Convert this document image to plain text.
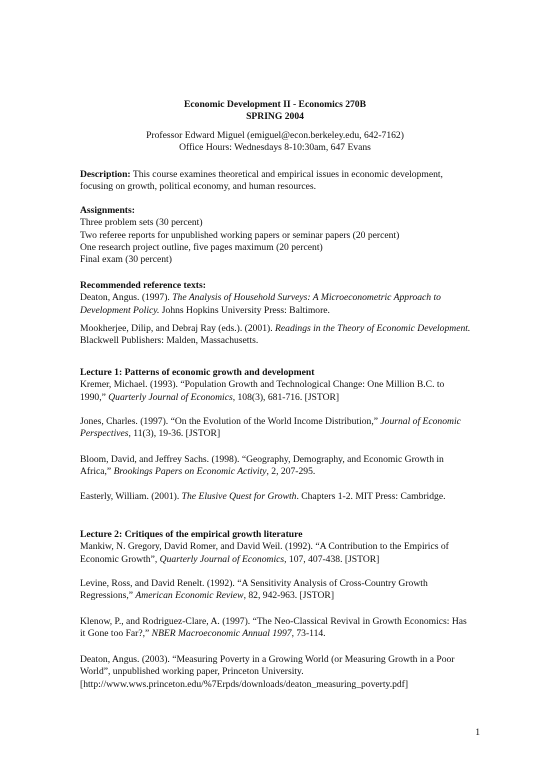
Economic Development II - Economics 270B
SPRING 2004
Professor Edward Miguel (emiguel@econ.berkeley.edu, 642-7162)
Office Hours: Wednesdays 8-10:30am, 647 Evans
Description: This course examines theoretical and empirical issues in economic development,
focusing on growth, political economy, and human resources.
Assignments:
Three problem sets (30 percent)
Two referee reports for unpublished working papers or seminar papers (20 percent)
One research project outline, five pages maximum (20 percent)
Final exam (30 percent)
Recommended reference texts:
Deaton, Angus. (1997). The Analysis of Household Surveys: A Microeconometric Approach to
Development Policy. Johns Hopkins University Press: Baltimore.
Mookherjee, Dilip, and Debraj Ray (eds.). (2001). Readings in the Theory of Economic Development.
Blackwell Publishers: Malden, Massachusetts.
Lecture 1: Patterns of economic growth and development
Kremer, Michael. (1993). “Population Growth and Technological Change: One Million B.C. to
1990,” Quarterly Journal of Economics, 108(3), 681-716. [JSTOR]
Jones, Charles. (1997). “On the Evolution of the World Income Distribution,” Journal of Economic
Perspectives, 11(3), 19-36. [JSTOR]
Bloom, David, and Jeffrey Sachs. (1998). “Geography, Demography, and Economic Growth in
Africa,” Brookings Papers on Economic Activity, 2, 207-295.
Easterly, William. (2001). The Elusive Quest for Growth. Chapters 1-2. MIT Press: Cambridge.
Lecture 2: Critiques of the empirical growth literature
Mankiw, N. Gregory, David Romer, and David Weil. (1992). “A Contribution to the Empirics of
Economic Growth”, Quarterly Journal of Economics, 107, 407-438. [JSTOR]
Levine, Ross, and David Renelt. (1992). “A Sensitivity Analysis of Cross-Country Growth
Regressions,” American Economic Review, 82, 942-963. [JSTOR]
Klenow, P., and Rodriguez-Clare, A. (1997). “The Neo-Classical Revival in Growth Economics: Has
it Gone too Far?,” NBER Macroeconomic Annual 1997, 73-114.
Deaton, Angus. (2003). “Measuring Poverty in a Growing World (or Measuring Growth in a Poor
World”, unpublished working paper, Princeton University.
[http://www.wws.princeton.edu/%7Erpds/downloads/deaton_measuring_poverty.pdf]
1
